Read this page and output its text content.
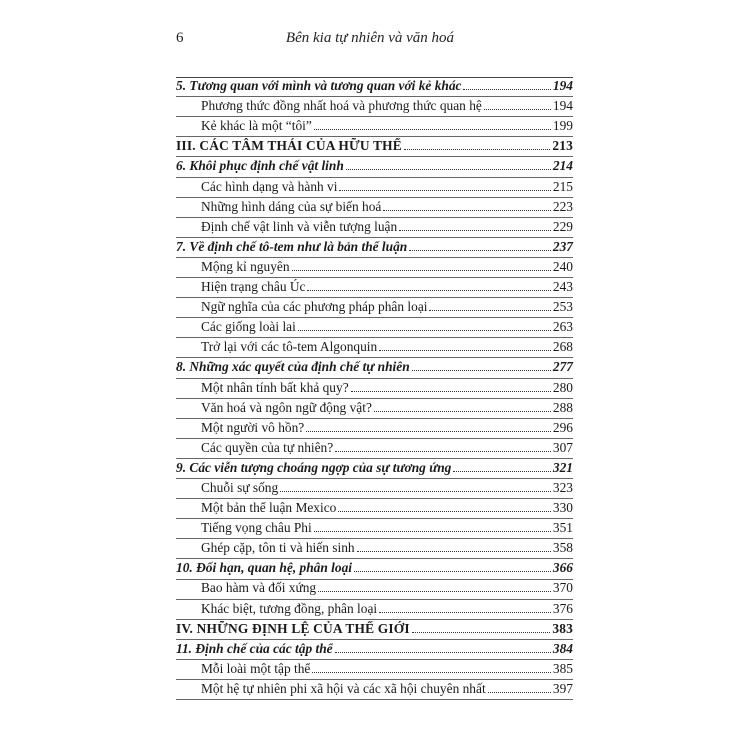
6	Bên kia tự nhiên và văn hoá
5. Tương quan với mình và tương quan với kẻ khác	194
Phương thức đồng nhất hoá và phương thức quan hệ	194
Kẻ khác là một “tôi”	199
III. CÁC TÂM THÁI CỦA HỮU THỂ	213
6. Khôi phục định chế vật linh	214
Các hình dạng và hành vi	215
Những hình dáng của sự biến hoá	223
Định chế vật linh và viễn tượng luận	229
7. Về định chế tô-tem như là bản thể luận	237
Mộng kỉ nguyên	240
Hiện trạng châu Úc	243
Ngữ nghĩa của các phương pháp phân loại	253
Các giống loài lai	263
Trở lại với các tô-tem Algonquin	268
8. Những xác quyết của định chế tự nhiên	277
Một nhân tính bất khả quy?	280
Văn hoá và ngôn ngữ động vật?	288
Một người vô hồn?	296
Các quyền của tự nhiên?	307
9. Các viễn tượng choáng ngợp của sự tương ứng	321
Chuỗi sự sống	323
Một bản thể luận Mexico	330
Tiếng vọng châu Phi	351
Ghép cặp, tôn ti và hiến sinh	358
10. Đối hạn, quan hệ, phân loại	366
Bao hàm và đối xứng	370
Khác biệt, tương đồng, phân loại	376
IV. NHỮNG ĐỊNH LỆ CỦA THẾ GIỚI	383
11. Định chế của các tập thể	384
Mỗi loài một tập thể	385
Một hệ tự nhiên phi xã hội và các xã hội chuyên nhất	397
